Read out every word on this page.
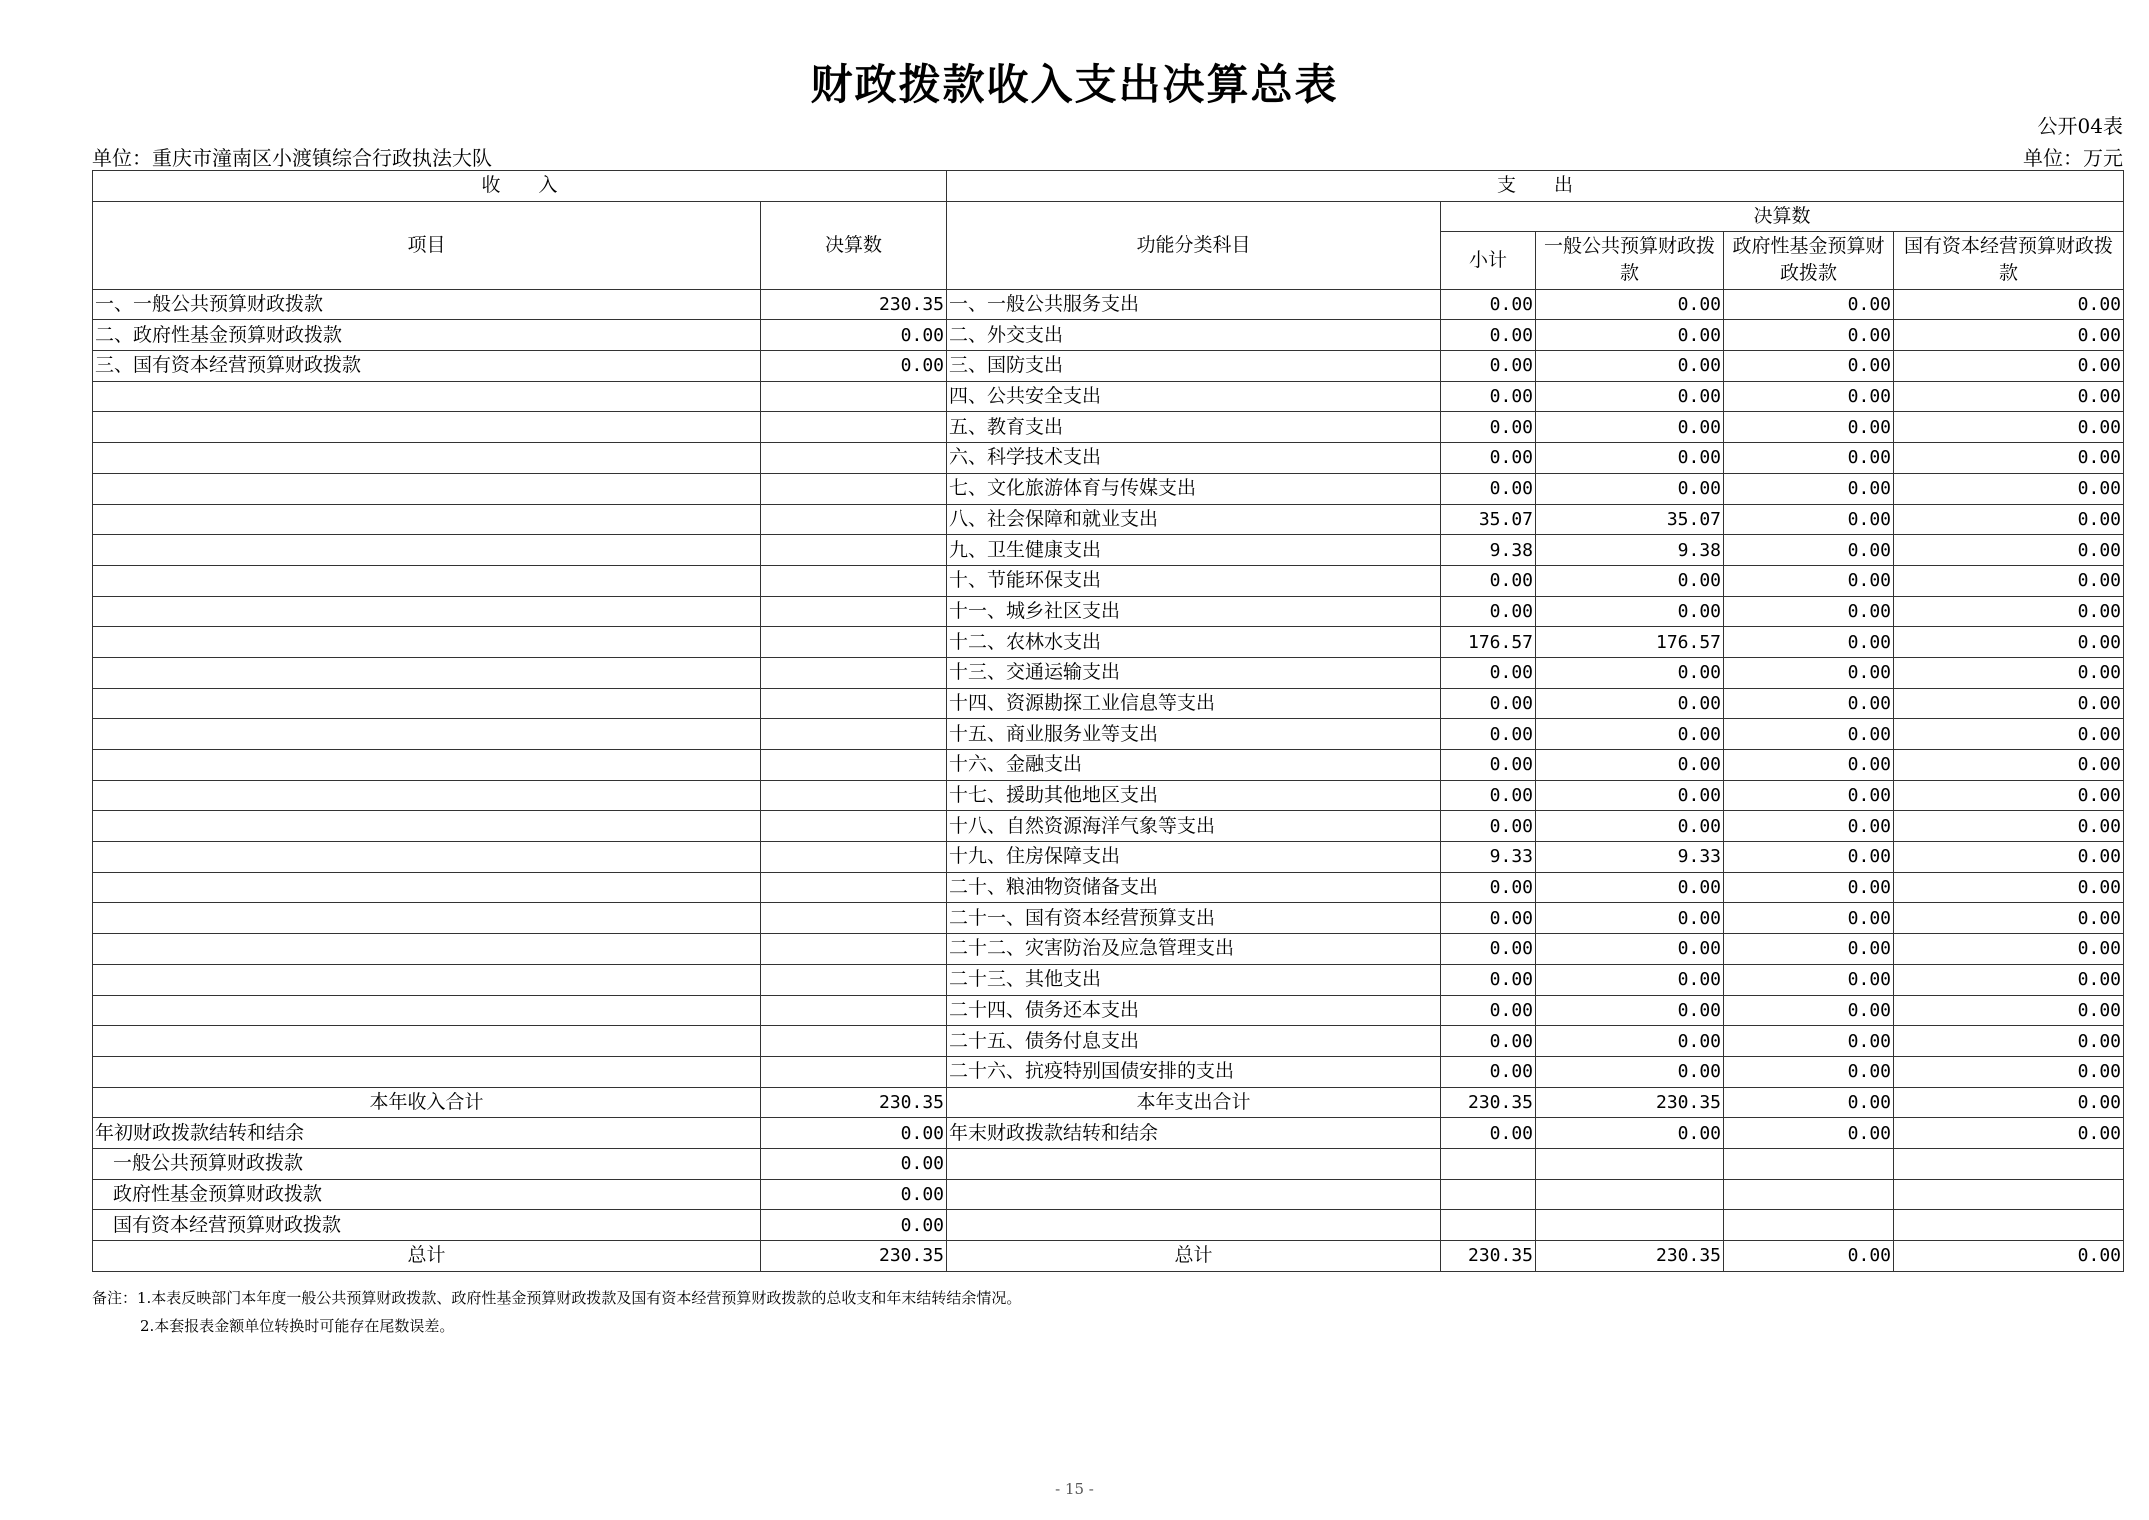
财政拨款收入支出决算总表
公开04表
单位：重庆市潼南区小渡镇综合行政执法大队	单位：万元
收　　入		支　　出				
项目	决算数	功能分类科目	决算数			
			小计	一般公共预算财政拨款	政府性基金预算财政拨款	国有资本经营预算财政拨款
一、一般公共预算财政拨款	230.35	一、一般公共服务支出	0.00	0.00	0.00	0.00
二、政府性基金预算财政拨款	0.00	二、外交支出	0.00	0.00	0.00	0.00
三、国有资本经营预算财政拨款	0.00	三、国防支出	0.00	0.00	0.00	0.00
		四、公共安全支出	0.00	0.00	0.00	0.00
		五、教育支出	0.00	0.00	0.00	0.00
		六、科学技术支出	0.00	0.00	0.00	0.00
		七、文化旅游体育与传媒支出	0.00	0.00	0.00	0.00
		八、社会保障和就业支出	35.07	35.07	0.00	0.00
		九、卫生健康支出	9.38	9.38	0.00	0.00
		十、节能环保支出	0.00	0.00	0.00	0.00
		十一、城乡社区支出	0.00	0.00	0.00	0.00
		十二、农林水支出	176.57	176.57	0.00	0.00
		十三、交通运输支出	0.00	0.00	0.00	0.00
		十四、资源勘探工业信息等支出	0.00	0.00	0.00	0.00
		十五、商业服务业等支出	0.00	0.00	0.00	0.00
		十六、金融支出	0.00	0.00	0.00	0.00
		十七、援助其他地区支出	0.00	0.00	0.00	0.00
		十八、自然资源海洋气象等支出	0.00	0.00	0.00	0.00
		十九、住房保障支出	9.33	9.33	0.00	0.00
		二十、粮油物资储备支出	0.00	0.00	0.00	0.00
		二十一、国有资本经营预算支出	0.00	0.00	0.00	0.00
		二十二、灾害防治及应急管理支出	0.00	0.00	0.00	0.00
		二十三、其他支出	0.00	0.00	0.00	0.00
		二十四、债务还本支出	0.00	0.00	0.00	0.00
		二十五、债务付息支出	0.00	0.00	0.00	0.00
		二十六、抗疫特别国债安排的支出	0.00	0.00	0.00	0.00
本年收入合计	230.35	本年支出合计	230.35	230.35	0.00	0.00
年初财政拨款结转和结余	0.00	年末财政拨款结转和结余	0.00	0.00	0.00	0.00
一般公共预算财政拨款	0.00					
政府性基金预算财政拨款	0.00					
国有资本经营预算财政拨款	0.00					
总计	230.35	总计	230.35	230.35	0.00	0.00
备注：1.本表反映部门本年度一般公共预算财政拨款、政府性基金预算财政拨款及国有资本经营预算财政拨款的总收支和年末结转结余情况。
2.本套报表金额单位转换时可能存在尾数误差。
- 15 -
